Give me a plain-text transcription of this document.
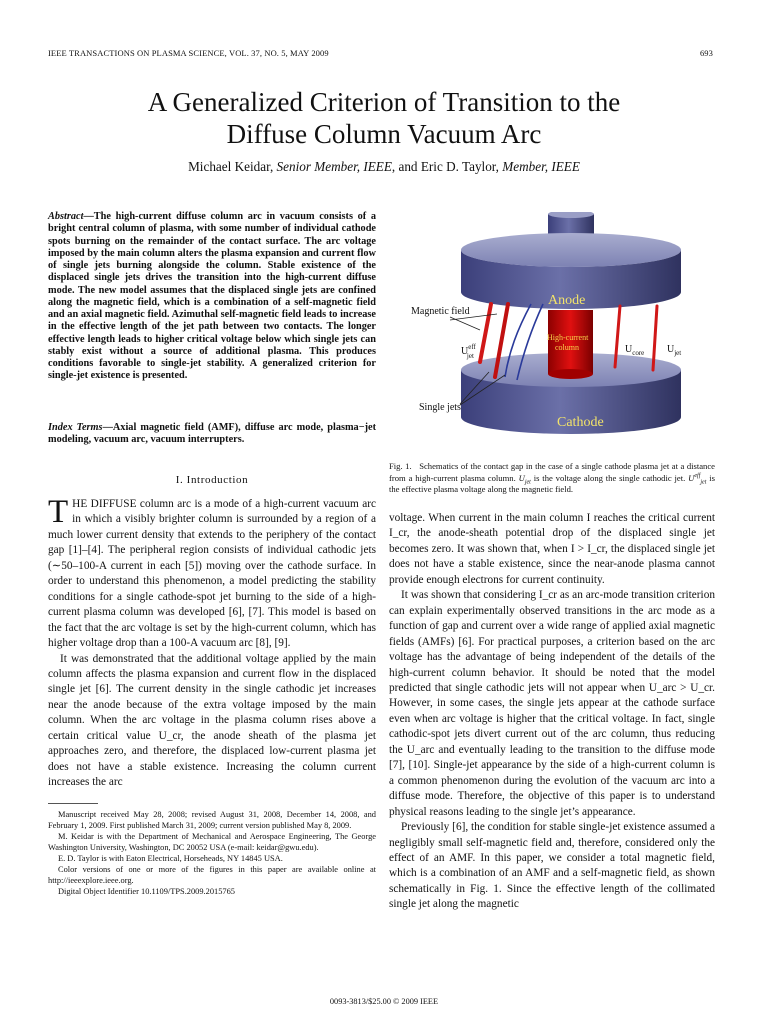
IEEE TRANSACTIONS ON PLASMA SCIENCE, VOL. 37, NO. 5, MAY 2009	693
A Generalized Criterion of Transition to the
Diffuse Column Vacuum Arc
Michael Keidar, Senior Member, IEEE, and Eric D. Taylor, Member, IEEE
Abstract—The high-current diffuse column arc in vacuum consists of a bright central column of plasma, with some number of individual cathode spots burning on the remainder of the contact surface. The arc voltage imposed by the main column alters the plasma expansion and current flow of single jets burning alongside the column. Stable existence of the displaced single jets drives the transition into the high-current diffuse mode. The new model assumes that the displaced single jets are confined along the magnetic field, which is a combination of a self-magnetic field and an axial magnetic field. Azimuthal self-magnetic field leads to increase in the effective length of the jet path between two contacts. The longer effective length leads to higher critical voltage below which single jets can stably exist without a source of additional plasma. This produces conditions favorable to single-jet stability. A generalized criterion for single-jet existence is presented.
Index Terms—Axial magnetic field (AMF), diffuse arc mode, plasma−jet modeling, vacuum arc, vacuum interrupters.
I. Introduction

THE DIFFUSE column arc is a mode of a high-current vacuum arc in which a visibly brighter column is surrounded by a region of a much lower current density that extends to the periphery of the contact gap [1]–[4]. The peripheral region consists of individual cathodic jets (∼50–100-A current in each [5]) moving over the cathode surface. In order to understand this phenomenon, a model predicting the stability conditions for a single cathode-spot jet burning to the side of a high-current plasma column was developed [6], [7]. This model is based on the fact that the arc voltage is set by the high-current column, which has higher voltage drop than a 100-A vacuum arc [8], [9].

It was demonstrated that the additional voltage applied by the main column affects the plasma expansion and current flow in the displaced single jet [6]. The current density in the single cathodic jet increases near the anode because of the extra voltage imposed by the main column. When the arc voltage in the plasma column rises above a certain critical value U_cr, the anode sheath of the plasma jet approaches zero, and therefore, the displaced low-current plasma jet does not have a stable existence. Increasing the column current increases the arc

Manuscript received May 28, 2008; revised August 31, 2008, December 14, 2008, and February 1, 2009. First published March 31, 2009; current version published May 8, 2009.

M. Keidar is with the Department of Mechanical and Aerospace Engineering, The George Washington University, Washington, DC 20052 USA (e-mail: keidar@gwu.edu).

E. D. Taylor is with Eaton Electrical, Horseheads, NY 14845 USA.

Color versions of one or more of the figures in this paper are available online at http://ieeexplore.ieee.org.

Digital Object Identifier 10.1109/TPS.2009.2015765

Anode
Cathode
Magnetic field
Single jets
High-current
column
$U^{eff}$ jet
$U_{core}$ $U_{jet}$
Fig. 1. Schematics of the contact gap in the case of a single cathode plasma jet at a distance from a high-current plasma column. $U_{jet}$ is the voltage along the single cathodic jet. $U^{eff}_{jet}$ is the effective plasma voltage along the magnetic field.

voltage. When current in the main column I reaches the critical current I_cr, the anode-sheath potential drop of the displaced single jet becomes zero. It was shown that, when I > I_cr, the displaced single jet does not have a stable existence, since the near-anode plasma cannot provide enough electrons for current continuity.

It was shown that considering I_cr as an arc-mode transition criterion can explain experimentally observed transitions in the arc mode as a function of gap and current over a wide range of applied axial magnetic fields (AMFs) [6]. For practical purposes, a criterion based on the arc voltage has the advantage of being independent of the details of the high-current column behavior. It should be noted that the model predicted that single cathodic jets will not appear when U_arc > U_cr. However, in some cases, the single jets appear at the cathode surface even when arc voltage is higher that the critical voltage. In fact, single cathodic-spot jets divert current out of the arc column, thus reducing the U_arc and eventually leading to the transition to the diffuse mode [7], [10]. Single-jet appearance by the side of a high-current column is a common phenomenon during the evolution of the vacuum arc into a diffuse mode. Therefore, the objective of this paper is to understand physical reasons leading to the single jet’s appearance.

Previously [6], the condition for stable single-jet existence assumed a negligibly small self-magnetic field and, therefore, considered only the effect of an AMF. In this paper, we consider a total magnetic field, which is a combination of an AMF and a self-magnetic field, as shown schematically in Fig. 1. Since the effective length of the collimated single jet along the magnetic

0093-3813/$25.00 © 2009 IEEE
